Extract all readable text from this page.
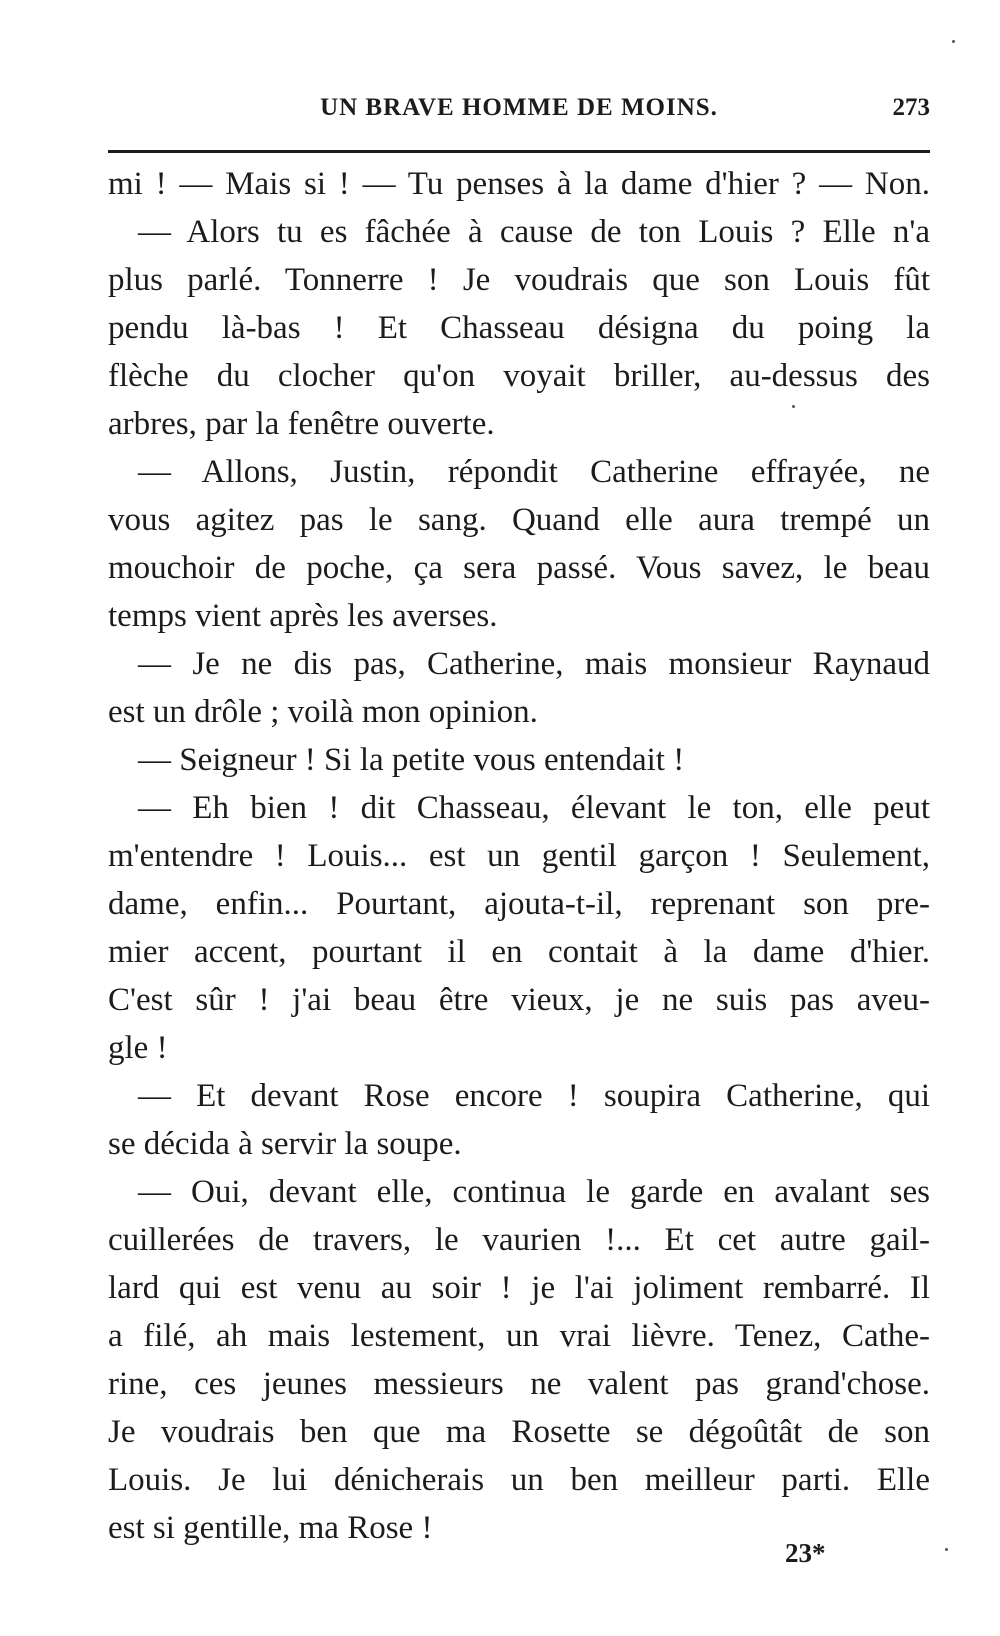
UN BRAVE HOMME DE MOINS.	273
mi ! — Mais si ! — Tu penses à la dame d'hier ? — Non.
— Alors tu es fâchée à cause de ton Louis ? Elle n'a
plus parlé. Tonnerre ! Je voudrais que son Louis fût
pendu là-bas ! Et Chasseau désigna du poing la
flèche du clocher qu'on voyait briller, au-dessus des
arbres, par la fenêtre ouverte.
— Allons, Justin, répondit Catherine effrayée, ne
vous agitez pas le sang. Quand elle aura trempé un
mouchoir de poche, ça sera passé. Vous savez, le beau
temps vient après les averses.
— Je ne dis pas, Catherine, mais monsieur Raynaud
est un drôle ; voilà mon opinion.
— Seigneur ! Si la petite vous entendait !
— Eh bien ! dit Chasseau, élevant le ton, elle peut
m'entendre ! Louis... est un gentil garçon ! Seulement,
dame, enfin... Pourtant, ajouta-t-il, reprenant son pre-
mier accent, pourtant il en contait à la dame d'hier.
C'est sûr ! j'ai beau être vieux, je ne suis pas aveu-
gle !
— Et devant Rose encore ! soupira Catherine, qui
se décida à servir la soupe.
— Oui, devant elle, continua le garde en avalant ses
cuillerées de travers, le vaurien !... Et cet autre gail-
lard qui est venu au soir ! je l'ai joliment rembarré. Il
a filé, ah mais lestement, un vrai lièvre. Tenez, Cathe-
rine, ces jeunes messieurs ne valent pas grand'chose.
Je voudrais ben que ma Rosette se dégoûtât de son
Louis. Je lui dénicherais un ben meilleur parti. Elle
est si gentille, ma Rose !
23*
